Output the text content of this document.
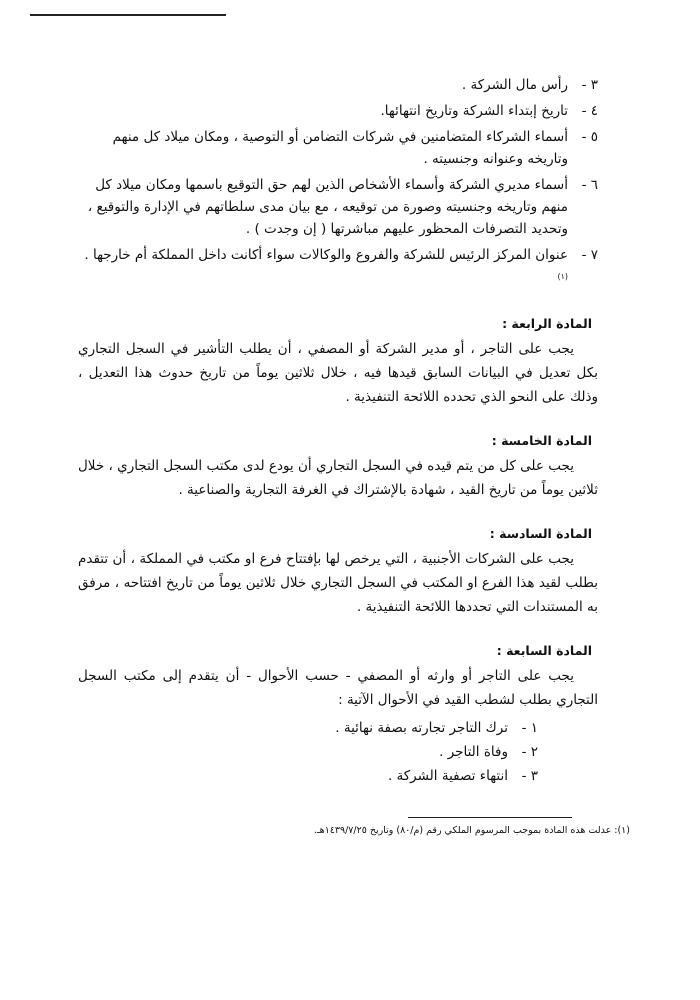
٣ -
رأس مال الشركة .
٤ -
تاريخ إبتداء الشركة وتاريخ انتهائها.
٥ -
أسماء الشركاء المتضامنين في شركات التضامن أو التوصية ، ومكان ميلاد كل منهم وتاريخه وعنوانه وجنسيته .
٦ -
أسماء مديري الشركة وأسماء الأشخاص الذين لهم حق التوقيع باسمها ومكان ميلاد كل منهم وتاريخه وجنسيته وصورة من توقيعه ، مع بيان مدى سلطاتهم في الإدارة والتوقيع ، وتحديد التصرفات المحظور عليهم مباشرتها ( إن وجدت ) .
٧ -
عنوان المركز الرئيس للشركة والفروع والوكالات سواء أكانت داخل المملكة أم خارجها . $^{(١)}$
المادة الرابعة :

يجب على التاجر ، أو مدير الشركة أو المصفي ، أن يطلب التأشير في السجل التجاري بكل تعديل في البيانات السابق قيدها فيه ، خلال ثلاثين يوماً من تاريخ حدوث هذا التعديل ، وذلك على النحو الذي تحدده اللائحة التنفيذية .

المادة الخامسة :

يجب على كل من يتم قيده في السجل التجاري أن يودع لدى مكتب السجل التجاري ، خلال ثلاثين يوماً من تاريخ القيد ، شهادة بالإشتراك في الغرفة التجارية والصناعية .

المادة السادسة :

يجب على الشركات الأجنبية ، التي يرخص لها بإفتتاح فرع او مكتب في المملكة ، أن تتقدم بطلب لقيد هذا الفرع او المكتب في السجل التجاري خلال ثلاثين يوماً من تاريخ افتتاحه ، مرفق به المستندات التي تحددها اللائحة التنفيذية .

المادة السابعة :

يجب على التاجر أو وارثه أو المصفي - حسب الأحوال - أن يتقدم إلى مكتب السجل التجاري بطلب لشطب القيد في الأحوال الآتية :

١ -
ترك التاجر تجارته بصفة نهائية .
٢ -
وفاة التاجر .
٣ -
انتهاء تصفية الشركة .
(١): عدلت هذه المادة بموجب المرسوم الملكي رقم (م/٨٠) وتاريخ ١٤٣٩/٧/٢٥هـ.
